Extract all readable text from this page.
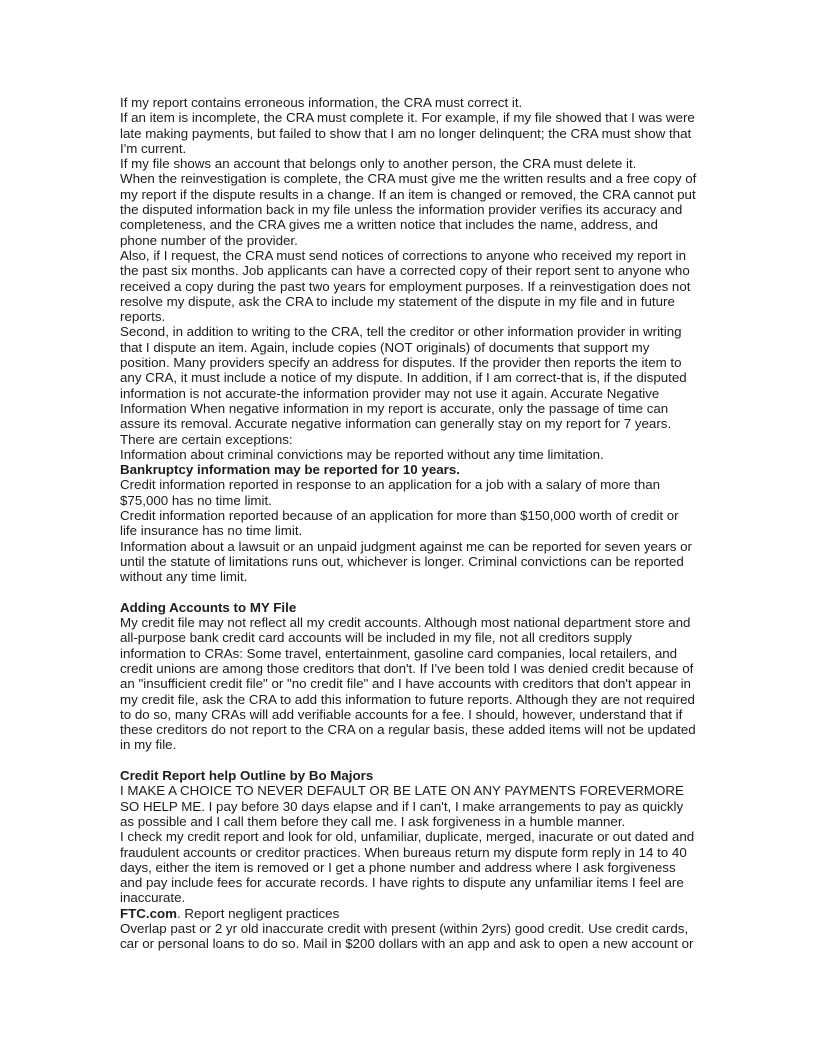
If my report contains erroneous information, the CRA must correct it.
If an item is incomplete, the CRA must complete it. For example, if my file showed that I was were late making payments, but failed to show that I am no longer delinquent; the CRA must show that I'm current.
If my file shows an account that belongs only to another person, the CRA must delete it.
When the reinvestigation is complete, the CRA must give me the written results and a free copy of my report if the dispute results in a change. If an item is changed or removed, the CRA cannot put the disputed information back in my file unless the information provider verifies its accuracy and completeness, and the CRA gives me a written notice that includes the name, address, and phone number of the provider.
Also, if I request, the CRA must send notices of corrections to anyone who received my report in the past six months. Job applicants can have a corrected copy of their report sent to anyone who received a copy during the past two years for employment purposes. If a reinvestigation does not resolve my dispute, ask the CRA to include my statement of the dispute in my file and in future reports.
Second, in addition to writing to the CRA, tell the creditor or other information provider in writing that I dispute an item. Again, include copies (NOT originals) of documents that support my position. Many providers specify an address for disputes. If the provider then reports the item to any CRA, it must include a notice of my dispute. In addition, if I am correct-that is, if the disputed information is not accurate-the information provider may not use it again. Accurate Negative Information When negative information in my report is accurate, only the passage of time can assure its removal. Accurate negative information can generally stay on my report for 7 years. There are certain exceptions:
Information about criminal convictions may be reported without any time limitation.
Bankruptcy information may be reported for 10 years.
Credit information reported in response to an application for a job with a salary of more than $75,000 has no time limit.
Credit information reported because of an application for more than $150,000 worth of credit or life insurance has no time limit.
Information about a lawsuit or an unpaid judgment against me can be reported for seven years or until the statute of limitations runs out, whichever is longer. Criminal convictions can be reported without any time limit.
Adding Accounts to MY File
My credit file may not reflect all my credit accounts. Although most national department store and all-purpose bank credit card accounts will be included in my file, not all creditors supply information to CRAs: Some travel, entertainment, gasoline card companies, local retailers, and credit unions are among those creditors that don't. If I've been told I was denied credit because of an "insufficient credit file" or "no credit file" and I have accounts with creditors that don't appear in my credit file, ask the CRA to add this information to future reports. Although they are not required to do so, many CRAs will add verifiable accounts for a fee. I should, however, understand that if these creditors do not report to the CRA on a regular basis, these added items will not be updated in my file.
Credit Report help Outline by Bo Majors
I MAKE A CHOICE TO NEVER DEFAULT OR BE LATE ON ANY PAYMENTS FOREVERMORE SO HELP ME. I pay before 30 days elapse and if I can't, I make arrangements to pay as quickly as possible and I call them before they call me. I ask forgiveness in a humble manner.
I check my credit report and look for old, unfamiliar, duplicate, merged, inacurate or out dated and fraudulent accounts or creditor practices. When bureaus return my dispute form reply in 14 to 40 days, either the item is removed or I get a phone number and address where I ask forgiveness and pay include fees for accurate records. I have rights to dispute any unfamiliar items I feel are inaccurate.
FTC.com. Report negligent practices
Overlap past or 2 yr old inaccurate credit with present (within 2yrs) good credit. Use credit cards, car or personal loans to do so. Mail in $200 dollars with an app and ask to open a new account or
